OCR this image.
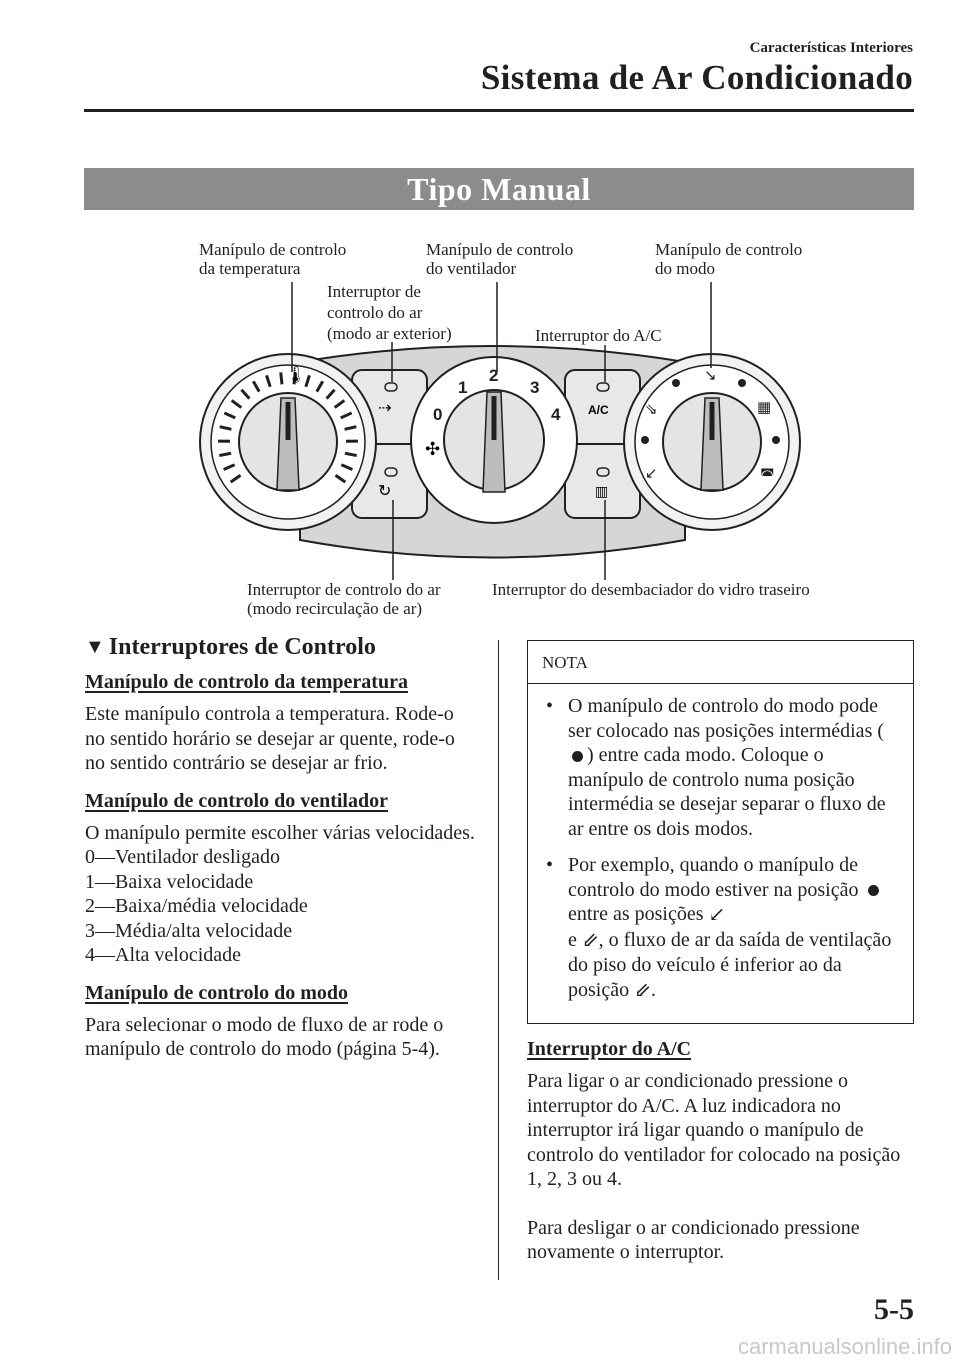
Características Interiores
Sistema de Ar Condicionado
Tipo Manual
🌡
0
1
2
3
4
✣
↘
⇘	▦
↙	◚
⇢
↻
A/C
▥
Manípulo de controlo
da temperatura
Manípulo de controlo
do ventilador
Manípulo de controlo
do modo
Interruptor de
controlo do ar
(modo ar exterior)	Interruptor do A/C
Interruptor de controlo do ar
(modo recirculação de ar)
Interruptor do desembaciador do vidro traseiro
▼ Interruptores de Controlo
Manípulo de controlo da temperatura
Este manípulo controla a temperatura. Rode-o no sentido horário se desejar ar quente, rode-o no sentido contrário se desejar ar frio.
Manípulo de controlo do ventilador
O manípulo permite escolher várias velocidades.
0—Ventilador desligado
1—Baixa velocidade
2—Baixa/média velocidade
3—Média/alta velocidade
4—Alta velocidade
Manípulo de controlo do modo
Para selecionar o modo de fluxo de ar rode o manípulo de controlo do modo (página 5-4).
NOTA
• O manípulo de controlo do modo pode ser colocado nas posições intermédias () entre cada modo. Coloque o manípulo de controlo numa posição intermédia se desejar separar o fluxo de ar entre os dois modos.
• Por exemplo, quando o manípulo de controlo do modo estiver na posição  entre as posições ↙
e ⇙, o fluxo de ar da saída de ventilação do piso do veículo é inferior ao da posição ⇙.
Interruptor do A/C
Para ligar o ar condicionado pressione o interruptor do A/C. A luz indicadora no interruptor irá ligar quando o manípulo de controlo do ventilador for colocado na posição 1, 2, 3 ou 4.
Para desligar o ar condicionado pressione novamente o interruptor.
5-5
carmanualsonline.info
